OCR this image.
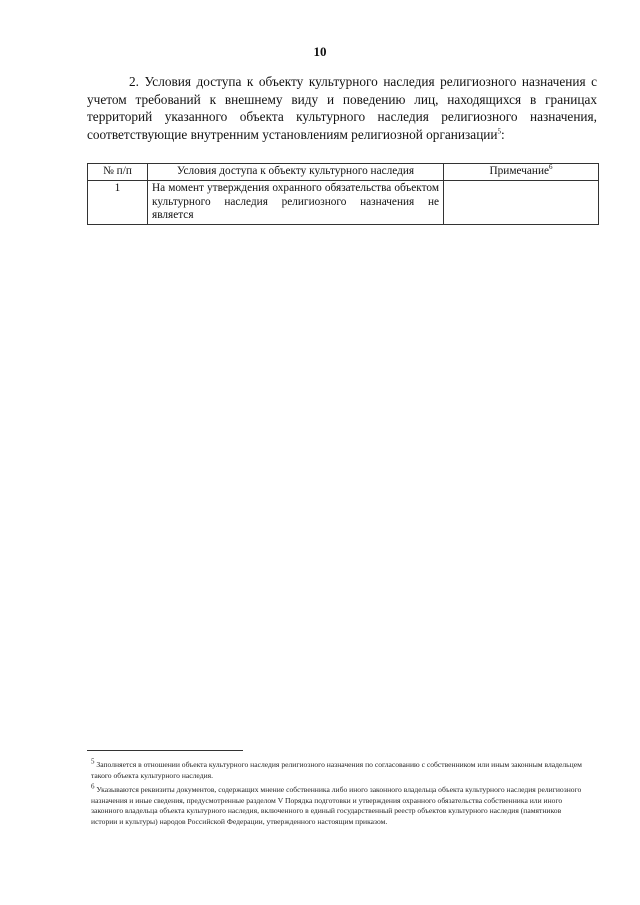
10

2. Условия доступа к объекту культурного наследия религиозного назначения с учетом требований к внешнему виду и поведению лиц, находящихся в границах территорий указанного объекта культурного наследия религиозного назначения, соответствующие внутренним установлениям религиозной организации$^5$:

№ п/п	Условия доступа к объекту культурного наследия	Примечание$^6$
1	На момент утверждения охранного обязательства объектом культурного наследия религиозного назначения не является	
$^5$ Заполняется в отношении объекта культурного наследия религиозного назначения по согласованию с собственником или иным законным владельцем такого объекта культурного наследия.
$^6$ Указываются реквизиты документов, содержащих мнение собственника либо иного законного владельца объекта культурного наследия религиозного назначения и иные сведения, предусмотренные разделом V Порядка подготовки и утверждения охранного обязательства собственника или иного законного владельца объекта культурного наследия, включенного в единый государственный реестр объектов культурного наследия (памятников истории и культуры) народов Российской Федерации, утвержденного настоящим приказом.
